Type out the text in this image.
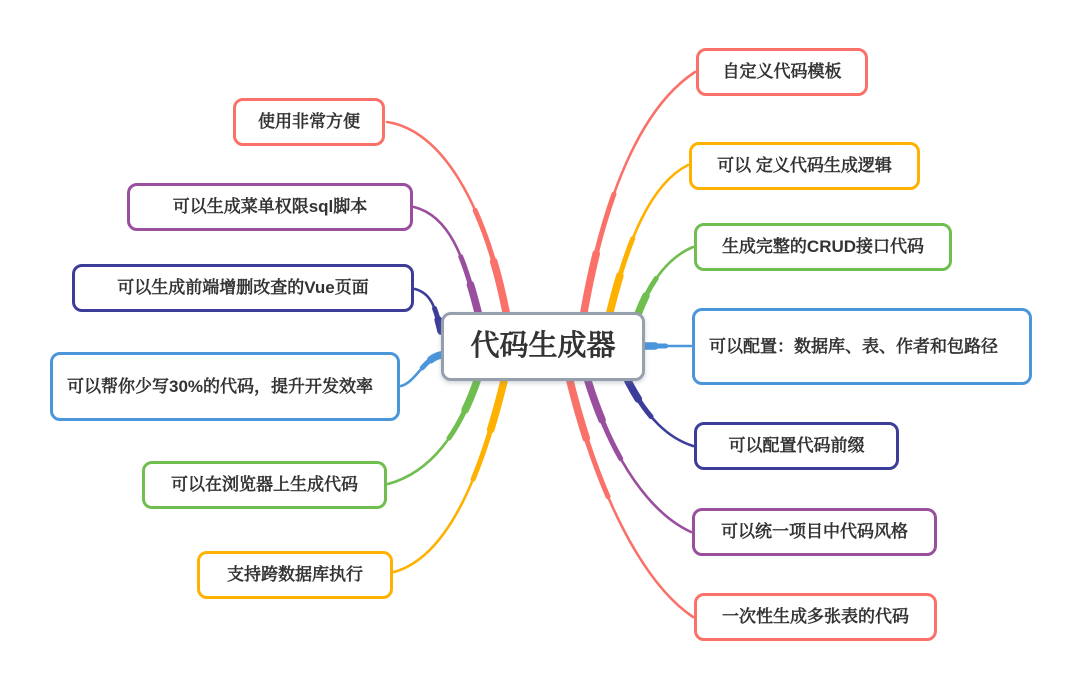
代码生成器
使用非常方便
可以生成菜单权限sql脚本
可以生成前端增删改查的Vue页面
可以帮你少写30%的代码，提升开发效率
可以在浏览器上生成代码
支持跨数据库执行
自定义代码模板
可以 定义代码生成逻辑
生成完整的CRUD接口代码
可以配置：数据库、表、作者和包路径
可以配置代码前缀
可以统一项目中代码风格
一次性生成多张表的代码
